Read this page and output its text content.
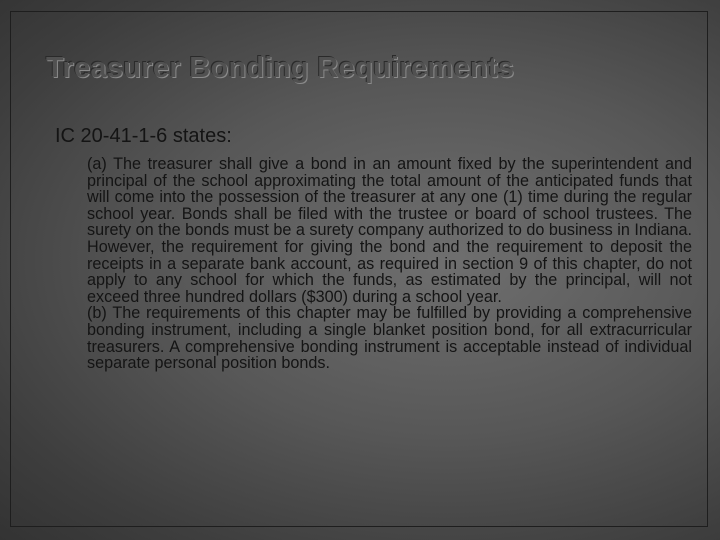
Treasurer Bonding Requirements

IC 20-41-1-6 states:

(a) The treasurer shall give a bond in an amount fixed by the superintendent and principal of the school approximating the total amount of the anticipated funds that will come into the possession of the treasurer at any one (1) time during the regular school year. Bonds shall be filed with the trustee or board of school trustees. The surety on the bonds must be a surety company authorized to do business in Indiana. However, the requirement for giving the bond and the requirement to deposit the receipts in a separate bank account, as required in section 9 of this chapter, do not apply to any school for which the funds, as estimated by the principal, will not exceed three hundred dollars ($300) during a school year.

(b) The requirements of this chapter may be fulfilled by providing a comprehensive bonding instrument, including a single blanket position bond, for all extracurricular treasurers. A comprehensive bonding instrument is acceptable instead of individual separate personal position bonds.
